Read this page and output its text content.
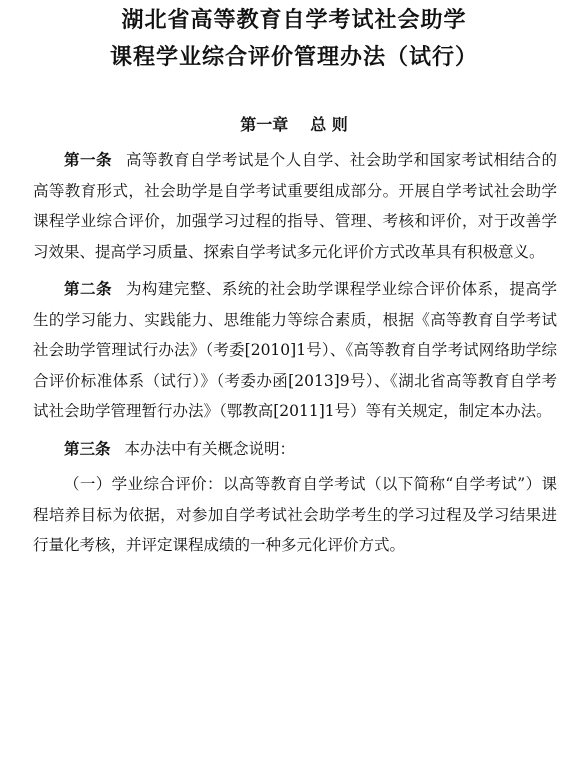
湖北省高等教育自学考试社会助学
课程学业综合评价管理办法（试行）
第一章 总 则

第一条 高等教育自学考试是个人自学、社会助学和国家考试相结合的高等教育形式，社会助学是自学考试重要组成部分。开展自学考试社会助学课程学业综合评价，加强学习过程的指导、管理、考核和评价，对于改善学习效果、提高学习质量、探索自学考试多元化评价方式改革具有积极意义。

第二条 为构建完整、系统的社会助学课程学业综合评价体系，提高学生的学习能力、实践能力、思维能力等综合素质，根据《高等教育自学考试社会助学管理试行办法》（考委[2010]1号）、《高等教育自学考试网络助学综合评价标准体系（试行）》（考委办函[2013]9号）、《湖北省高等教育自学考试社会助学管理暂行办法》（鄂教高[2011]1号）等有关规定，制定本办法。

第三条 本办法中有关概念说明：

（一）学业综合评价：以高等教育自学考试（以下简称“自学考试”）课程培养目标为依据，对参加自学考试社会助学考生的学习过程及学习结果进行量化考核，并评定课程成绩的一种多元化评价方式。
